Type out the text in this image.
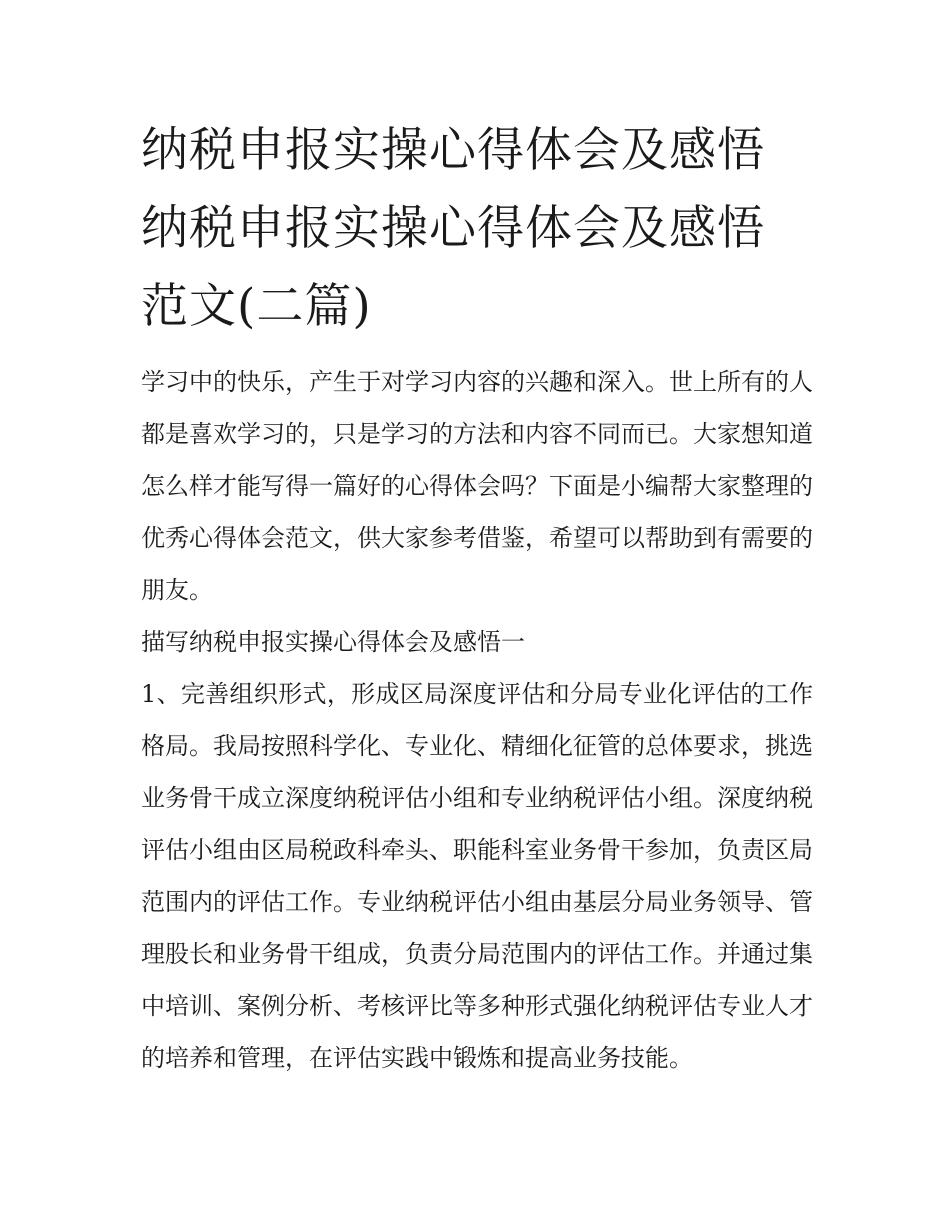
纳税申报实操心得体会及感悟
纳税申报实操心得体会及感悟
范文(二篇)

学习中的快乐，产生于对学习内容的兴趣和深入。世上所有的人都是喜欢学习的，只是学习的方法和内容不同而已。大家想知道怎么样才能写得一篇好的心得体会吗？下面是小编帮大家整理的优秀心得体会范文，供大家参考借鉴，希望可以帮助到有需要的朋友。

描写纳税申报实操心得体会及感悟一

1、完善组织形式，形成区局深度评估和分局专业化评估的工作格局。我局按照科学化、专业化、精细化征管的总体要求，挑选业务骨干成立深度纳税评估小组和专业纳税评估小组。深度纳税评估小组由区局税政科牵头、职能科室业务骨干参加，负责区局范围内的评估工作。专业纳税评估小组由基层分局业务领导、管理股长和业务骨干组成，负责分局范围内的评估工作。并通过集中培训、案例分析、考核评比等多种形式强化纳税评估专业人才的培养和管理，在评估实践中锻炼和提高业务技能。
